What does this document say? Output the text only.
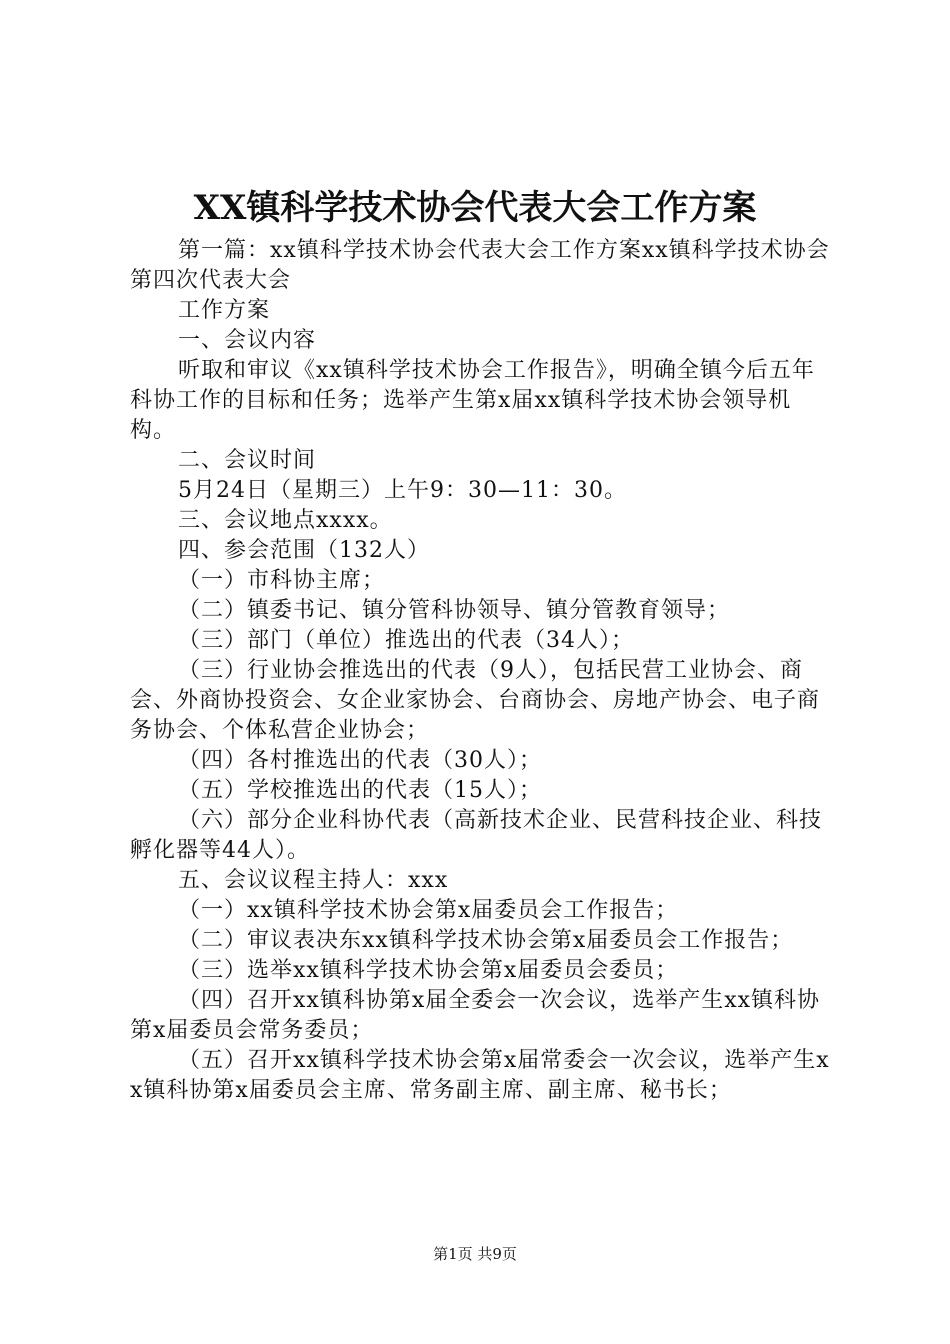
XX镇科学技术协会代表大会工作方案

第一篇：xx镇科学技术协会代表大会工作方案xx镇科学技术协会第四次代表大会

工作方案

一、会议内容

听取和审议《xx镇科学技术协会工作报告》，明确全镇今后五年科协工作的目标和任务；选举产生第x届xx镇科学技术协会领导机构。

二、会议时间

5月24日（星期三）上午9：30—11：30。

三、会议地点xxxx。

四、参会范围（132人）

（一）市科协主席；

（二）镇委书记、镇分管科协领导、镇分管教育领导；

（三）部门（单位）推选出的代表（34人）；

（三）行业协会推选出的代表（9人），包括民营工业协会、商会、外商协投资会、女企业家协会、台商协会、房地产协会、电子商务协会、个体私营企业协会；

（四）各村推选出的代表（30人）；

（五）学校推选出的代表（15人）；

（六）部分企业科协代表（高新技术企业、民营科技企业、科技孵化器等44人）。

五、会议议程主持人：xxx

（一）xx镇科学技术协会第x届委员会工作报告；

（二）审议表决东xx镇科学技术协会第x届委员会工作报告；

（三）选举xx镇科学技术协会第x届委员会委员；

（四）召开xx镇科协第x届全委会一次会议，选举产生xx镇科协第x届委员会常务委员；

（五）召开xx镇科学技术协会第x届常委会一次会议，选举产生xx镇科协第x届委员会主席、常务副主席、副主席、秘书长；

第1页 共9页
